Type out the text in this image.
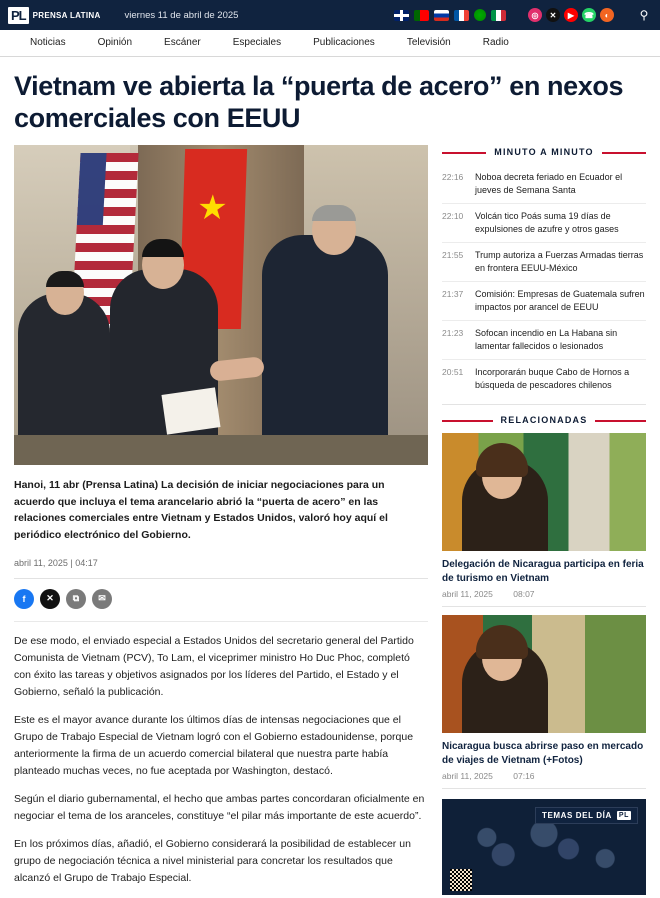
PL PRENSA LATINA	viernes 11 de abril de 2025	◎	✕	▶	☎	◐	⚲
Noticias	Opinión	Escáner	Especiales	Publicaciones	Televisión	Radio
Vietnam ve abierta la “puerta de acero” en nexos comerciales con EEUU
★
Hanoi, 11 abr (Prensa Latina) La decisión de iniciar negociaciones para un acuerdo que incluya el tema arancelario abrió la “puerta de acero” en las relaciones comerciales entre Vietnam y Estados Unidos, valoró hoy aquí el periódico electrónico del Gobierno.
abril 11, 2025 | 04:17
f	✕	⧉	✉

De ese modo, el enviado especial a Estados Unidos del secretario general del Partido Comunista de Vietnam (PCV), To Lam, el viceprimer ministro Ho Duc Phoc, completó con éxito las tareas y objetivos asignados por los líderes del Partido, el Estado y el Gobierno, señaló la publicación.

Este es el mayor avance durante los últimos días de intensas negociaciones que el Grupo de Trabajo Especial de Vietnam logró con el Gobierno estadounidense, porque anteriormente la firma de un acuerdo comercial bilateral que nuestra parte había planteado muchas veces, no fue aceptada por Washington, destacó.

Según el diario gubernamental, el hecho que ambas partes concordaran oficialmente en negociar el tema de los aranceles, constituye “el pilar más importante de este acuerdo”.

En los próximos días, añadió, el Gobierno considerará la posibilidad de establecer un grupo de negociación técnica a nivel ministerial para concretar los resultados que alcanzó el Grupo de Trabajo Especial.

MINUTO A MINUTO
22:16	Noboa decreta feriado en Ecuador el jueves de Semana Santa
22:10	Volcán tico Poás suma 19 días de expulsiones de azufre y otros gases
21:55	Trump autoriza a Fuerzas Armadas tierras en frontera EEUU-México
21:37	Comisión: Empresas de Guatemala sufren impactos por arancel de EEUU
21:23	Sofocan incendio en La Habana sin lamentar fallecidos o lesionados
20:51	Incorporarán buque Cabo de Hornos a búsqueda de pescadores chilenos
RELACIONADAS
Delegación de Nicaragua participa en feria de turismo en Vietnam
abril 11, 2025 08:07
Nicaragua busca abrirse paso en mercado de viajes de Vietnam (+Fotos)
abril 11, 2025 07:16
TEMAS DEL DÍA PL
